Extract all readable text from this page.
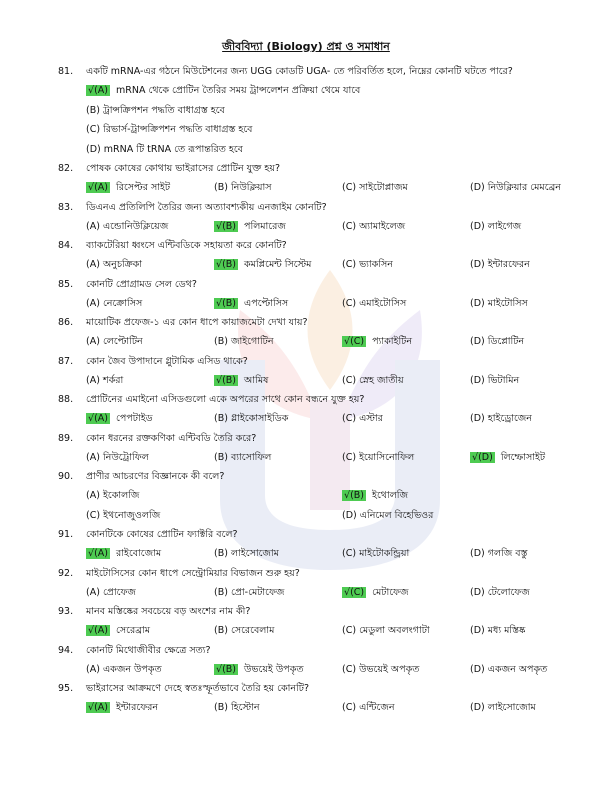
জীববিদ্যা (Biology) প্রশ্ন ও সমাধান
81. একটি mRNA-এর গঠনে মিউটেশনের জন্য UGG কোডটি UGA- তে পরিবর্তিত হলে, নিম্নের কোনটি ঘটতে পারে?
√(A) mRNA থেকে প্রোটিন তৈরির সময় ট্রান্সলেশন প্রক্রিয়া থেমে যাবে
(B) ট্রান্সক্রিপশন পদ্ধতি বাধাগ্রস্ত হবে
(C) রিভার্স-ট্রান্সক্রিপশন পদ্ধতি বাধাগ্রস্ত হবে
(D) mRNA টি tRNA তে রূপান্তরিত হবে
82. পোষক কোষের কোথায় ভাইরাসের প্রোটিন যুক্ত হয়?
√(A) রিসেপ্টর সাইট	(B) নিউক্লিয়াস	(C) সাইটোপ্লাজম	(D) নিউক্লিয়ার মেমব্রেন
83. ডিএনএ প্রতিলিপি তৈরির জন্য অত্যাবশ্যকীয় এনজাইম কোনটি?
(A) এন্ডোনিউক্লিয়েজ	√(B) পলিমারেজ	(C) অ্যামাইলেজ	(D) লাইগেজ
84. ব্যাকটেরিয়া ধ্বংসে এন্টিবডিকে সহায়তা করে কোনটি?
(A) অনুচক্রিকা	√(B) কমপ্লিমেন্ট সিস্টেম	(C) ভ্যাকসিন	(D) ইন্টারফেরন
85. কোনটি প্রোগ্রামড সেল ডেথ?
(A) নেক্রোসিস	√(B) এপপ্টোসিস	(C) এমাইটোসিস	(D) মাইটোসিস
86. মায়োটিক প্রফেজ-১ এর কোন ধাপে কায়াজমেটা দেখা যায়?
(A) লেপ্টোটিন	(B) জাইগোটিন	√(C) প্যাকাইটিন	(D) ডিপ্লোটিন
87. কোন জৈব উপাদানে গ্লুটামিক এসিড থাকে?
(A) শর্করা	√(B) আমিষ	(C) স্নেহ জাতীয়	(D) ভিটামিন
88. প্রোটিনের এমাইনো এসিডগুলো একে অপরের সাথে কোন বন্ধনে যুক্ত হয়?
√(A) পেপটাইড	(B) গ্লাইকোসাইডিক	(C) এস্টার	(D) হাইড্রোজেন
89. কোন ধরনের রক্তকণিকা এন্টিবডি তৈরি করে?
(A) নিউট্রোফিল	(B) ব্যাসোফিল	(C) ইয়োসিনোফিল	√(D) লিম্ফোসাইট
90. প্রাণীর আচরণের বিজ্ঞানকে কী বলে?
(A) ইকোলজি	√(B) ইথোলজি
(C) ইথনোজুওলজি	(D) এনিমেল বিহেভিওর
91. কোনটিকে কোষের প্রোটিন ফ্যাক্টরি বলে?
√(A) রাইবোজোম	(B) লাইসোজোম	(C) মাইটোকন্ড্রিয়া	(D) গলজি বস্তু
92. মাইটোসিসের কোন ধাপে সেন্ট্রোমিয়ার বিভাজন শুরু হয়?
(A) প্রোফেজ	(B) প্রো-মেটাফেজ	√(C) মেটাফেজ	(D) টেলোফেজ
93. মানব মস্তিষ্কের সবচেয়ে বড় অংশের নাম কী?
√(A) সেরেব্রাম	(B) সেরেবেলাম	(C) মেডুলা অবলংগাটা	(D) মধ্য মস্তিষ্ক
94. কোনটি মিথোজীবীর ক্ষেত্রে সত্য?
(A) একজন উপকৃত	√(B) উভয়েই উপকৃত	(C) উভয়েই অপকৃত	(D) একজন অপকৃত
95. ভাইরাসের আক্রমণে দেহে স্বতঃস্ফূর্তভাবে তৈরি হয় কোনটি?
√(A) ইন্টারফেরন	(B) হিস্টোন	(C) এন্টিজেন	(D) লাইসোজোম
